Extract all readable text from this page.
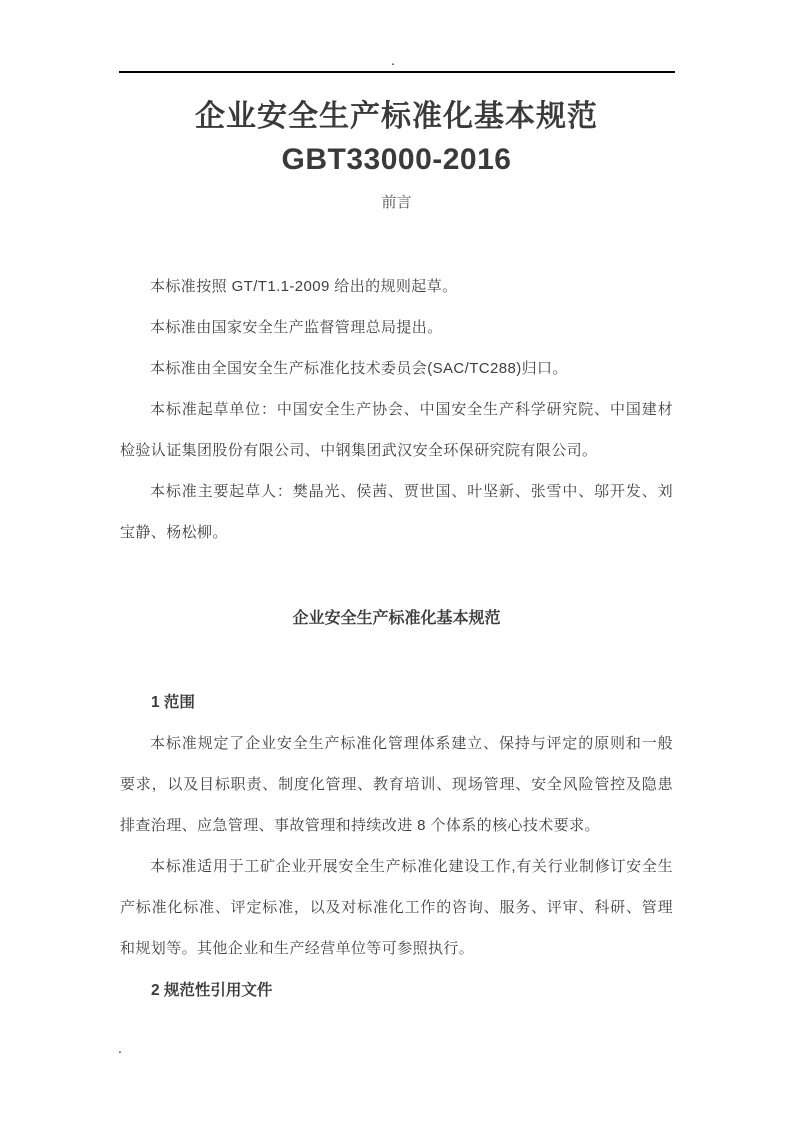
.
企业安全生产标准化基本规范
GBT33000-2016
前言

本标准按照 GT/T1.1-2009 给出的规则起草。

本标准由国家安全生产监督管理总局提出。

本标准由全国安全生产标准化技术委员会(SAC/TC288)归口。

本标准起草单位：中国安全生产协会、中国安全生产科学研究院、中国建材检验认证集团股份有限公司、中钢集团武汉安全环保研究院有限公司。

本标准主要起草人：樊晶光、侯茜、贾世国、叶坚新、张雪中、邬开发、刘宝静、杨松柳。

企业安全生产标准化基本规范
1 范围

本标准规定了企业安全生产标准化管理体系建立、保持与评定的原则和一般要求，以及目标职责、制度化管理、教育培训、现场管理、安全风险管控及隐患排查治理、应急管理、事故管理和持续改进 8 个体系的核心技术要求。

本标准适用于工矿企业开展安全生产标准化建设工作,有关行业制修订安全生产标准化标准、评定标准，以及对标准化工作的咨询、服务、评审、科研、管理和规划等。其他企业和生产经营单位等可参照执行。

2 规范性引用文件
.
